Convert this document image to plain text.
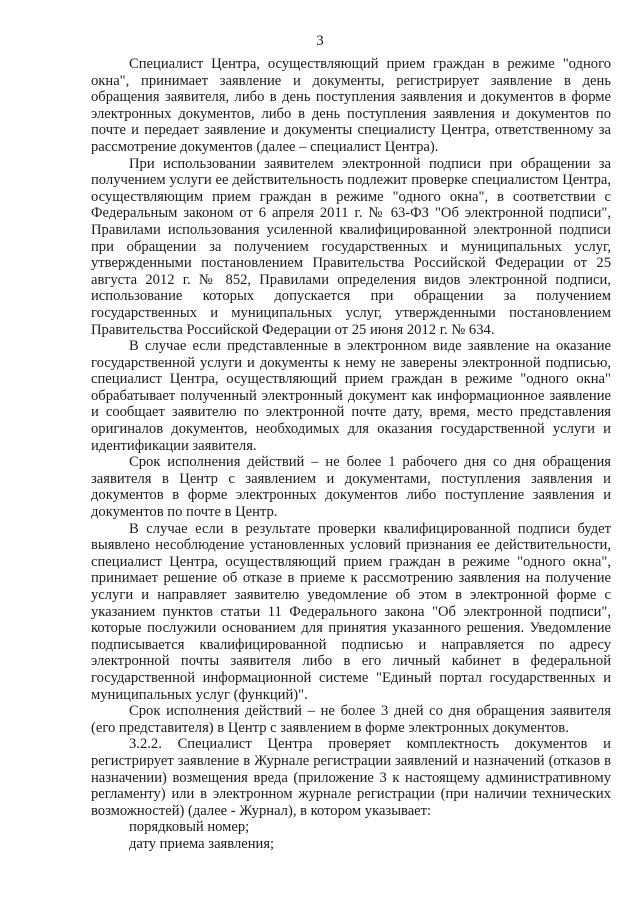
3

Специалист Центра, осуществляющий прием граждан в режиме "одного окна", принимает заявление и документы, регистрирует заявление в день обращения заявителя, либо в день поступления заявления и документов в форме электронных документов, либо в день поступления заявления и документов по почте и передает заявление и документы специалисту Центра, ответственному за рассмотрение документов (далее – специалист Центра).

При использовании заявителем электронной подписи при обращении за получением услуги ее действительность подлежит проверке специалистом Центра, осуществляющим прием граждан в режиме "одного окна", в соответствии с Федеральным законом от 6 апреля 2011 г. № 63-ФЗ "Об электронной подписи", Правилами использования усиленной квалифицированной электронной подписи при обращении за получением государственных и муниципальных услуг, утвержденными постановлением Правительства Российской Федерации от 25 августа 2012 г. № 852, Правилами определения видов электронной подписи, использование которых допускается при обращении за получением государственных и муниципальных услуг, утвержденными постановлением Правительства Российской Федерации от 25 июня 2012 г. № 634.

В случае если представленные в электронном виде заявление на оказание государственной услуги и документы к нему не заверены электронной подписью, специалист Центра, осуществляющий прием граждан в режиме "одного окна" обрабатывает полученный электронный документ как информационное заявление и сообщает заявителю по электронной почте дату, время, место представления оригиналов документов, необходимых для оказания государственной услуги и идентификации заявителя.

Срок исполнения действий – не более 1 рабочего дня со дня обращения заявителя в Центр с заявлением и документами, поступления заявления и документов в форме электронных документов либо поступление заявления и документов по почте в Центр.

В случае если в результате проверки квалифицированной подписи будет выявлено несоблюдение установленных условий признания ее действительности, специалист Центра, осуществляющий прием граждан в режиме "одного окна", принимает решение об отказе в приеме к рассмотрению заявления на получение услуги и направляет заявителю уведомление об этом в электронной форме с указанием пунктов статьи 11 Федерального закона "Об электронной подписи", которые послужили основанием для принятия указанного решения. Уведомление подписывается квалифицированной подписью и направляется по адресу электронной почты заявителя либо в его личный кабинет в федеральной государственной информационной системе "Единый портал государственных и муниципальных услуг (функций)".

Срок исполнения действий – не более 3 дней со дня обращения заявителя (его представителя) в Центр с заявлением в форме электронных документов.

3.2.2. Специалист Центра проверяет комплектность документов и регистрирует заявление в Журнале регистрации заявлений и назначений (отказов в назначении) возмещения вреда (приложение 3 к настоящему административному регламенту) или в электронном журнале регистрации (при наличии технических возможностей) (далее - Журнал), в котором указывает:

порядковый номер;

дату приема заявления;
